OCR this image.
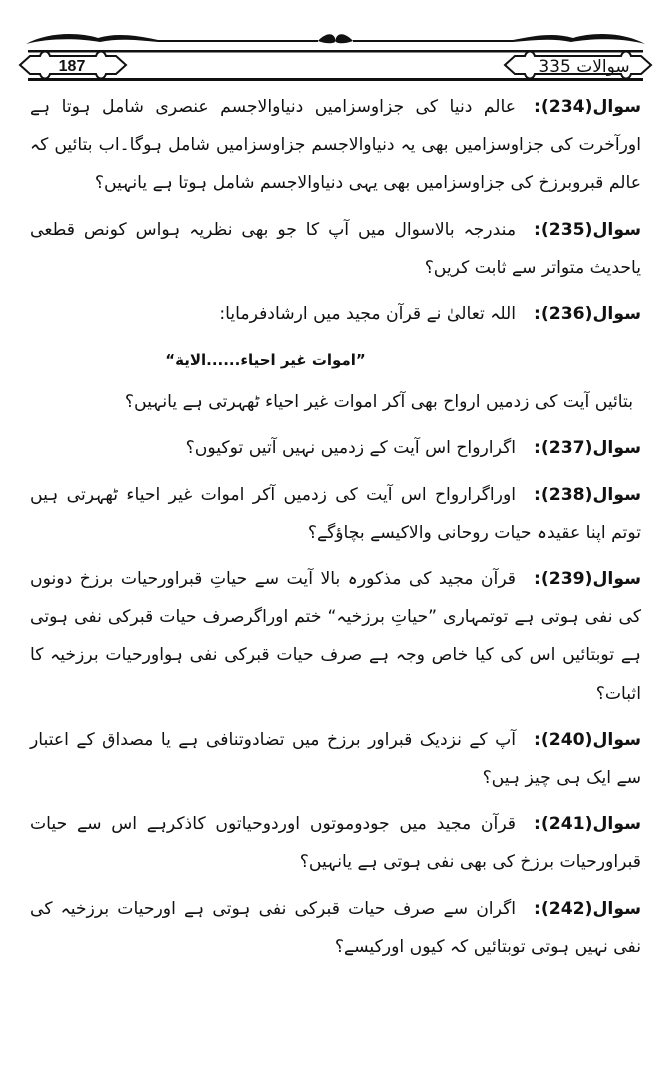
187	335 سوالات

سوال(234):عالم دنیا کی جزاوسزامیں دنیاوالاجسم عنصری شامل ہوتا ہے اورآخرت کی جزاوسزامیں بھی یہ دنیاوالاجسم جزاوسزامیں شامل ہوگا۔اب بتائیں کہ عالم قبروبرزخ کی جزاوسزامیں بھی یہی دنیاوالاجسم شامل ہوتا ہے یانہیں؟

سوال(235):مندرجہ بالاسوال میں آپ کا جو بھی نظریہ ہواس کونص قطعی یاحدیث متواتر سے ثابت کریں؟

سوال(236):اللہ تعالیٰ نے قرآن مجید میں ارشادفرمایا:

”اموات غیر احیاء......الایة“

بتائیں آیت کی زدمیں ارواح بھی آکر اموات غیر احیاء ٹھہرتی ہے یانہیں؟

سوال(237):اگرارواح اس آیت کے زدمیں نہیں آتیں توکیوں؟

سوال(238):اوراگرارواح اس آیت کی زدمیں آکر اموات غیر احیاء ٹھہرتی ہیں توتم اپنا عقیدہ حیات روحانی والاکیسے بچاؤگے؟

سوال(239):قرآن مجید کی مذکورہ بالا آیت سے حیاتِ قبراورحیات برزخ دونوں کی نفی ہوتی ہے توتمہاری ”حیاتِ برزخیہ“ ختم اوراگرصرف حیات قبرکی نفی ہوتی ہے توبتائیں اس کی کیا خاص وجہ ہے صرف حیات قبرکی نفی ہواورحیات برزخیہ کا اثبات؟

سوال(240):آپ کے نزدیک قبراور برزخ میں تضادوتنافی ہے یا مصداق کے اعتبار سے ایک ہی چیز ہیں؟

سوال(241):قرآن مجید میں جودوموتوں اوردوحیاتوں کاذکرہے اس سے حیات قبراورحیات برزخ کی بھی نفی ہوتی ہے یانہیں؟

سوال(242):اگران سے صرف حیات قبرکی نفی ہوتی ہے اورحیات برزخیہ کی نفی نہیں ہوتی توبتائیں کہ کیوں اورکیسے؟
